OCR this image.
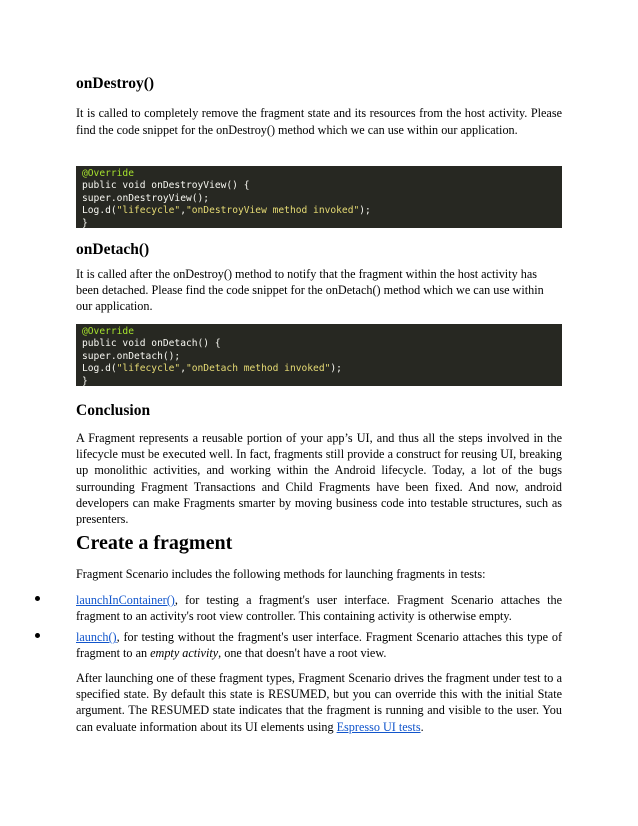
onDestroy()

It is called to completely remove the fragment state and its resources from the host activity. Please find the code snippet for the onDestroy() method which we can use within our application.

@Override
public void onDestroyView() {
super.onDestroyView();
Log.d("lifecycle","onDestroyView method invoked");
}
onDetach()

It is called after the onDestroy() method to notify that the fragment within the host activity has been detached. Please find the code snippet for the onDetach() method which we can use within our application.

@Override
public void onDetach() {
super.onDetach();
Log.d("lifecycle","onDetach method invoked");
}
Conclusion

A Fragment represents a reusable portion of your app’s UI, and thus all the steps involved in the lifecycle must be executed well. In fact, fragments still provide a construct for reusing UI, breaking up monolithic activities, and working within the Android lifecycle. Today, a lot of the bugs surrounding Fragment Transactions and Child Fragments have been fixed. And now, android developers can make Fragments smarter by moving business code into testable structures, such as presenters.

Create a fragment

Fragment Scenario includes the following methods for launching fragments in tests:

launchInContainer(), for testing a fragment's user interface. Fragment Scenario attaches the fragment to an activity's root view controller. This containing activity is otherwise empty.

launch(), for testing without the fragment's user interface. Fragment Scenario attaches this type of fragment to an empty activity, one that doesn't have a root view.

After launching one of these fragment types, Fragment Scenario drives the fragment under test to a specified state. By default this state is RESUMED, but you can override this with the initial State argument. The RESUMED state indicates that the fragment is running and visible to the user. You can evaluate information about its UI elements using Espresso UI tests.
